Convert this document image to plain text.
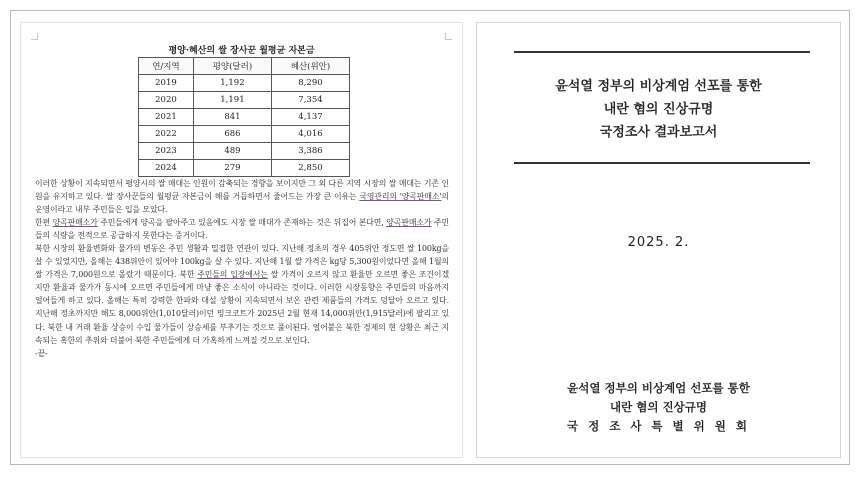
평양·혜산의 쌀 장사꾼 월평균 자본금
연/지역	평양(달러)	혜산(위안)
2019	1,192	8,290
2020	1,191	7,354
2021	841	4,137
2022	686	4,016
2023	489	3,386
2024	279	2,850

이러한 상황이 지속되면서 평양시의 쌀 매대는 인원이 감축되는 경향을 보이지만 그 외 다른 지역 시장의 쌀 매대는 기존 인원을 유지하고 있다. 쌀 장사꾼들의 월평균 자본금이 해를 거듭하면서 줄어드는 가장 큰 이유는 국영관리의 '양곡판매소'의 운영이라고 내부 주민들은 입을 모았다.

한편 양곡판매소가 주민들에게 양곡을 팔아주고 있음에도 시장 쌀 매대가 존재하는 것은 뒤집어 본다면, 양곡판매소가 주민들의 식량을 전적으로 공급하지 못한다는 증거이다.

북한 시장의 환율변화와 물가의 변동은 주민 생활과 밀접한 연관이 있다. 지난해 정초의 경우 405위안 정도면 쌀 100kg을 살 수 있었지만, 올해는 438위안이 있어야 100kg을 살 수 있다. 지난해 1월 쌀 가격은 kg당 5,300원이었다면 올해 1월의 쌀 가격은 7,000원으로 올랐기 때문이다. 북한 주민들의 입장에서는 쌀 가격이 오르지 않고 환율만 오르면 좋은 조건이겠지만 환율과 물가가 동시에 오르면 주민들에게 마냥 좋은 소식이 아니라는 것이다. 이러한 시장동향은 주민들의 마음까지 얼어들게 하고 있다. 올해는 특히 강력한 한파와 대설 상황이 지속되면서 보온 관련 제품들의 가격도 덩달아 오르고 있다. 지난해 정초까지만 해도 8,000위안(1,010달러)이던 밍크코트가 2025년 2월 현재 14,000위안(1,915달러)에 팔리고 있다. 북한 내 거래 환율 상승이 수입 물가들이 상승세를 부추기는 것으로 풀이된다. 얼어붙은 북한 경제의 현 상황은 최근 지속되는 혹한의 추위와 더불어 북한 주민들에게 더 가혹하게 느껴질 것으로 보인다.

-끝-

윤석열 정부의 비상계엄 선포를 통한
내란 혐의 진상규명
국정조사 결과보고서
2025. 2.
윤석열 정부의 비상계엄 선포를 통한
내란 혐의 진상규명
국 정 조 사 특 별 위 원 회
